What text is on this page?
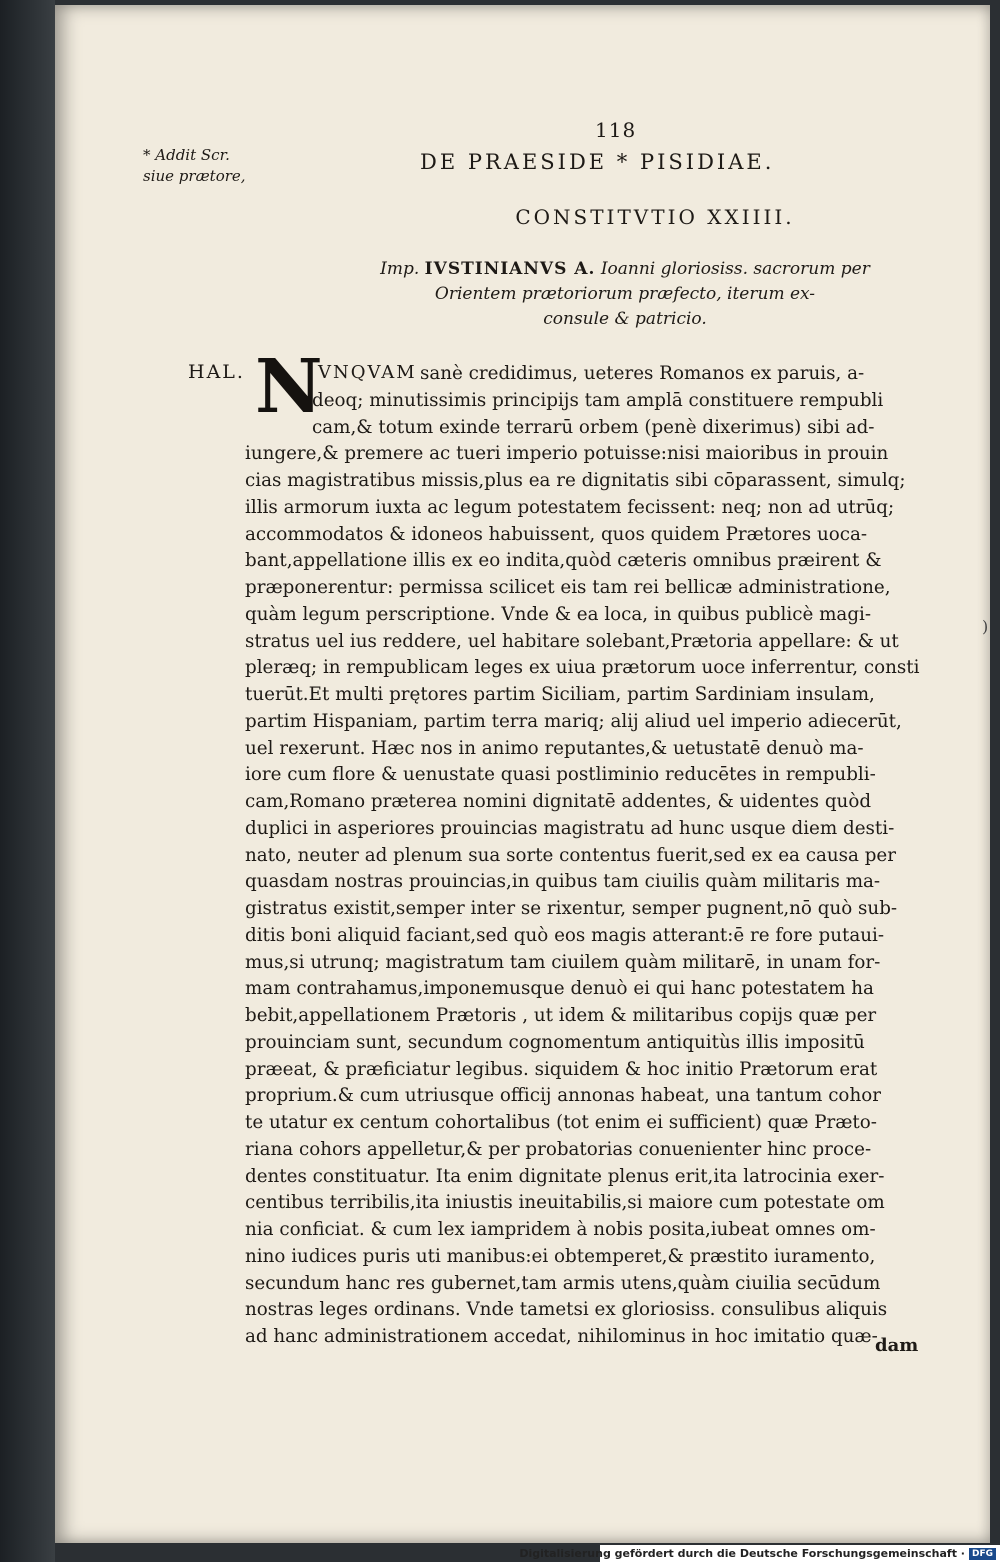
118
* Addit Scr.
siue prætore,
DE PRAESIDE * PISIDIAE.
CONSTITVTIO XXIIII.
Imp. IVSTINIANVS A. Ioanni gloriosiss. sacrorum per
Orientem prætoriorum præfecto, iterum ex-
consule & patricio.
HAL. N
VNQVAM sanè credidimus, ueteres Romanos ex paruis, a-
deoq; minutissimis principijs tam amplā constituere rempubli
cam,& totum exinde terrarū orbem (penè dixerimus) sibi ad-
iungere,& premere ac tueri imperio potuisse:nisi maioribus in prouin
cias magistratibus missis,plus ea re dignitatis sibi cōparassent, simulq;
illis armorum iuxta ac legum potestatem fecissent: neq; non ad utrūq;
accommodatos & idoneos habuissent, quos quidem Prætores uoca-
bant,appellatione illis ex eo indita,quòd cæteris omnibus præirent &
præponerentur: permissa scilicet eis tam rei bellicæ administratione,
quàm legum perscriptione. Vnde & ea loca, in quibus publicè magi-
stratus uel ius reddere, uel habitare solebant,Prætoria appellare: & ut
pleræq; in rempublicam leges ex uiua prætorum uoce inferrentur, consti
tuerūt.Et multi prętores partim Siciliam, partim Sardiniam insulam,
partim Hispaniam, partim terra mariq; alij aliud uel imperio adiecerūt,
uel rexerunt. Hæc nos in animo reputantes,& uetustatē denuò ma-
iore cum flore & uenustate quasi postliminio reducētes in rempubli-
cam,Romano præterea nomini dignitatē addentes, & uidentes quòd
duplici in asperiores prouincias magistratu ad hunc usque diem desti-
nato, neuter ad plenum sua sorte contentus fuerit,sed ex ea causa per
quasdam nostras prouincias,in quibus tam ciuilis quàm militaris ma-
gistratus existit,semper inter se rixentur, semper pugnent,nō quò sub-
ditis boni aliquid faciant,sed quò eos magis atterant:ē re fore putaui-
mus,si utrunq; magistratum tam ciuilem quàm militarē, in unam for-
mam contrahamus,imponemusque denuò ei qui hanc potestatem ha
bebit,appellationem Prætoris , ut idem & militaribus copijs quæ per
prouinciam sunt, secundum cognomentum antiquitùs illis impositū
præeat, & præficiatur legibus. siquidem & hoc initio Prætorum erat
proprium.& cum utriusque officij annonas habeat, una tantum cohor
te utatur ex centum cohortalibus (tot enim ei sufficient) quæ Præto-
riana cohors appelletur,& per probatorias conuenienter hinc proce-
dentes constituatur. Ita enim dignitate plenus erit,ita latrocinia exer-
centibus terribilis,ita iniustis ineuitabilis,si maiore cum potestate om
nia conficiat. & cum lex iampridem à nobis posita,iubeat omnes om-
nino iudices puris uti manibus:ei obtemperet,& præstito iuramento,
secundum hanc res gubernet,tam armis utens,quàm ciuilia secūdum
nostras leges ordinans. Vnde tametsi ex gloriosiss. consulibus aliquis
ad hanc administrationem accedat, nihilominus in hoc imitatio quæ-
)
dam
Digitalisierung gefördert durch die Deutsche Forschungsgemeinschaft · DFG
